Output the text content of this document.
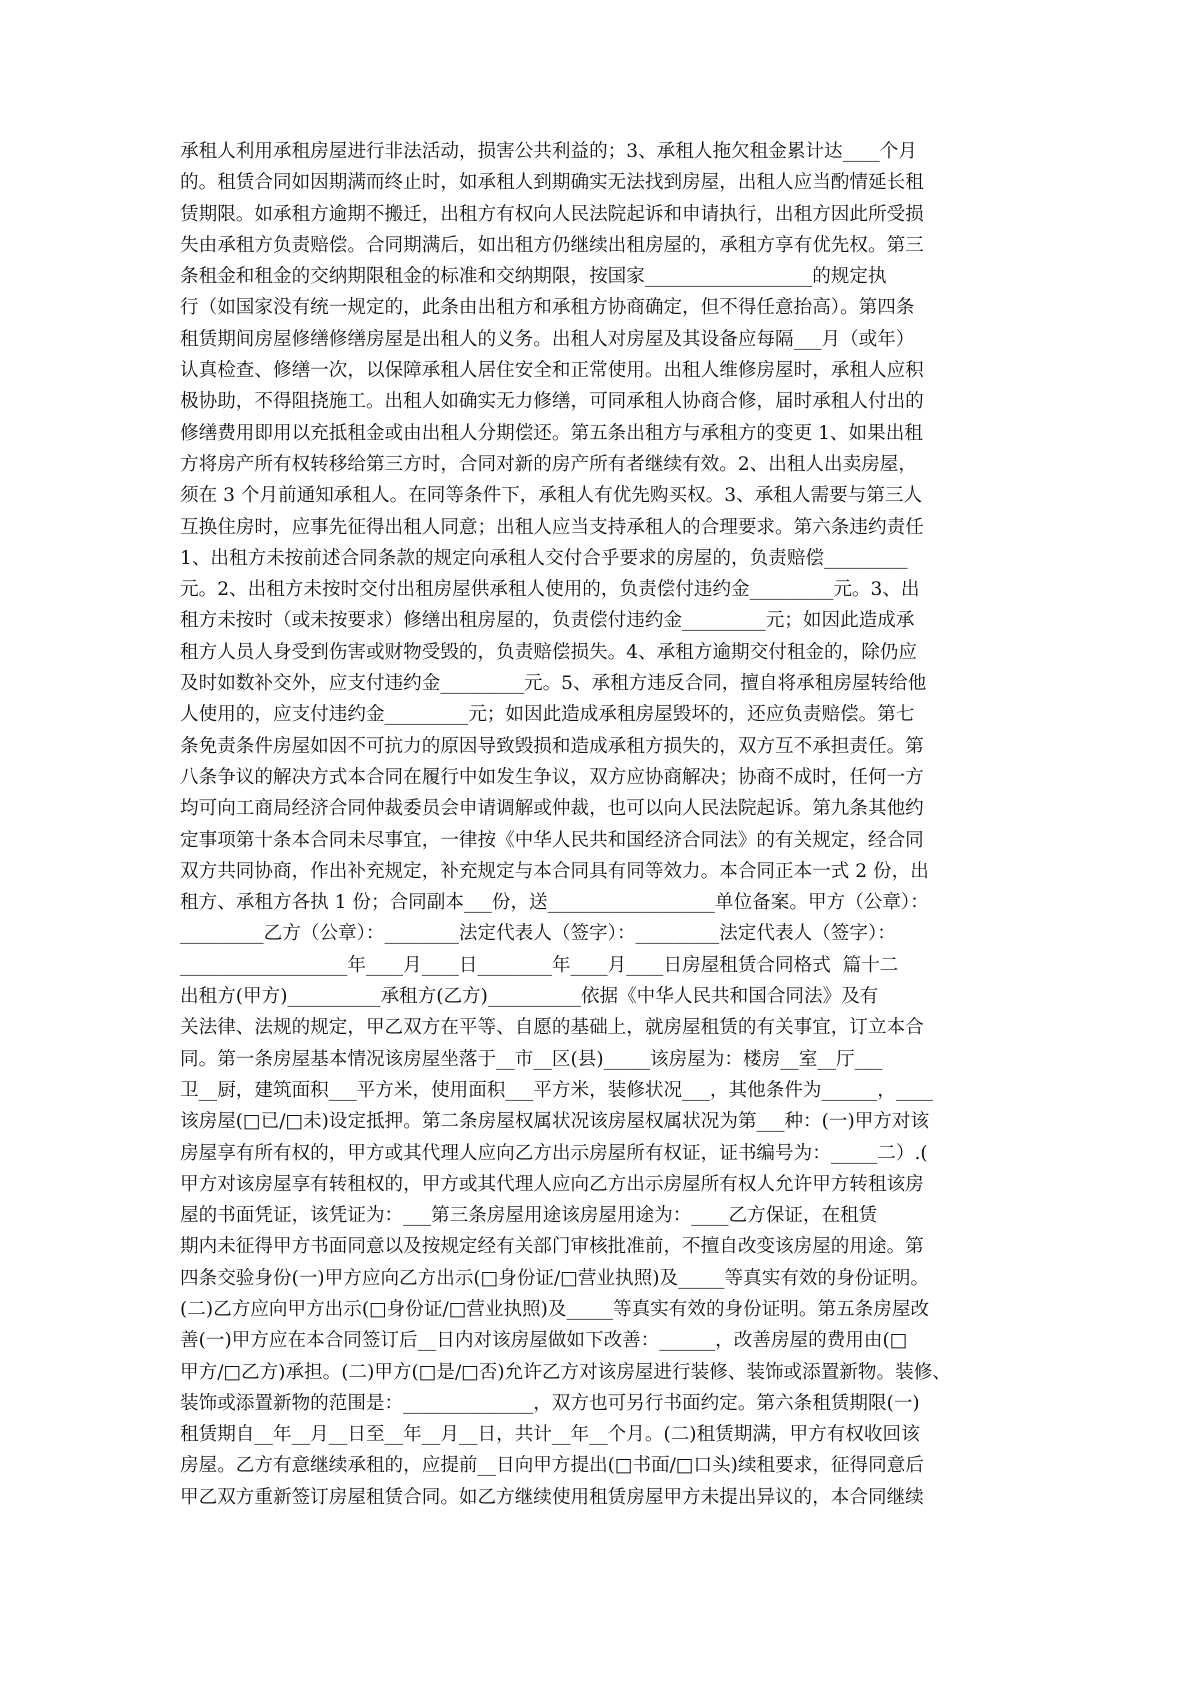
承租人利用承租房屋进行非法活动，损害公共利益的；3、承租人拖欠租金累计达____个月
的。租赁合同如因期满而终止时，如承租人到期确实无法找到房屋，出租人应当酌情延长租
赁期限。如承租方逾期不搬迁，出租方有权向人民法院起诉和申请执行，出租方因此所受损
失由承租方负责赔偿。合同期满后，如出租方仍继续出租房屋的，承租方享有优先权。第三
条租金和租金的交纳期限租金的标准和交纳期限，按国家__________________的规定执
行（如国家没有统一规定的，此条由出租方和承租方协商确定，但不得任意抬高）。第四条
租赁期间房屋修缮修缮房屋是出租人的义务。出租人对房屋及其设备应每隔___月（或年）
认真检查、修缮一次，以保障承租人居住安全和正常使用。出租人维修房屋时，承租人应积
极协助，不得阻挠施工。出租人如确实无力修缮，可同承租人协商合修，届时承租人付出的
修缮费用即用以充抵租金或由出租人分期偿还。第五条出租方与承租方的变更 1、如果出租
方将房产所有权转移给第三方时，合同对新的房产所有者继续有效。2、出租人出卖房屋，
须在 3 个月前通知承租人。在同等条件下，承租人有优先购买权。3、承租人需要与第三人
互换住房时，应事先征得出租人同意；出租人应当支持承租人的合理要求。第六条违约责任
1、出租方未按前述合同条款的规定向承租人交付合乎要求的房屋的，负责赔偿_________
元。2、出租方未按时交付出租房屋供承租人使用的，负责偿付违约金_________元。3、出
租方未按时（或未按要求）修缮出租房屋的，负责偿付违约金_________元；如因此造成承
租方人员人身受到伤害或财物受毁的，负责赔偿损失。4、承租方逾期交付租金的，除仍应
及时如数补交外，应支付违约金_________元。5、承租方违反合同，擅自将承租房屋转给他
人使用的，应支付违约金_________元；如因此造成承租房屋毁坏的，还应负责赔偿。第七
条免责条件房屋如因不可抗力的原因导致毁损和造成承租方损失的，双方互不承担责任。第
八条争议的解决方式本合同在履行中如发生争议，双方应协商解决；协商不成时，任何一方
均可向工商局经济合同仲裁委员会申请调解或仲裁，也可以向人民法院起诉。第九条其他约
定事项第十条本合同未尽事宜，一律按《中华人民共和国经济合同法》的有关规定，经合同
双方共同协商，作出补充规定，补充规定与本合同具有同等效力。本合同正本一式 2 份，出
租方、承租方各执 1 份；合同副本___份，送__________________单位备案。甲方（公章）：
_________乙方（公章）：________法定代表人（签字）：_________法定代表人（签字）：
__________________年____月____日________年____月____日房屋租赁合同格式  篇十二
出租方(甲方)__________承租方(乙方)__________依据《中华人民共和国合同法》及有
关法律、法规的规定，甲乙双方在平等、自愿的基础上，就房屋租赁的有关事宜，订立本合
同。第一条房屋基本情况该房屋坐落于__市__区(县)_____该房屋为：楼房__室__厅___
卫__厨，建筑面积___平方米，使用面积___平方米，装修状况___，其他条件为______，____
该房屋(□已/□未)设定抵押。第二条房屋权属状况该房屋权属状况为第___种：(一)甲方对该
房屋享有所有权的，甲方或其代理人应向乙方出示房屋所有权证，证书编号为：_____二）.(
甲方对该房屋享有转租权的，甲方或其代理人应向乙方出示房屋所有权人允许甲方转租该房
屋的书面凭证，该凭证为：___第三条房屋用途该房屋用途为：____乙方保证，在租赁
期内未征得甲方书面同意以及按规定经有关部门审核批准前，不擅自改变该房屋的用途。第
四条交验身份(一)甲方应向乙方出示(□身份证/□营业执照)及_____等真实有效的身份证明。
(二)乙方应向甲方出示(□身份证/□营业执照)及_____等真实有效的身份证明。第五条房屋改
善(一)甲方应在本合同签订后__日内对该房屋做如下改善：______，改善房屋的费用由(□
甲方/□乙方)承担。(二)甲方(□是/□否)允许乙方对该房屋进行装修、装饰或添置新物。装修、
装饰或添置新物的范围是：______________，双方也可另行书面约定。第六条租赁期限(一)
租赁期自__年__月__日至__年__月__日，共计__年__个月。(二)租赁期满，甲方有权收回该
房屋。乙方有意继续承租的，应提前__日向甲方提出(□书面/□口头)续租要求，征得同意后
甲乙双方重新签订房屋租赁合同。如乙方继续使用租赁房屋甲方未提出异议的，本合同继续
